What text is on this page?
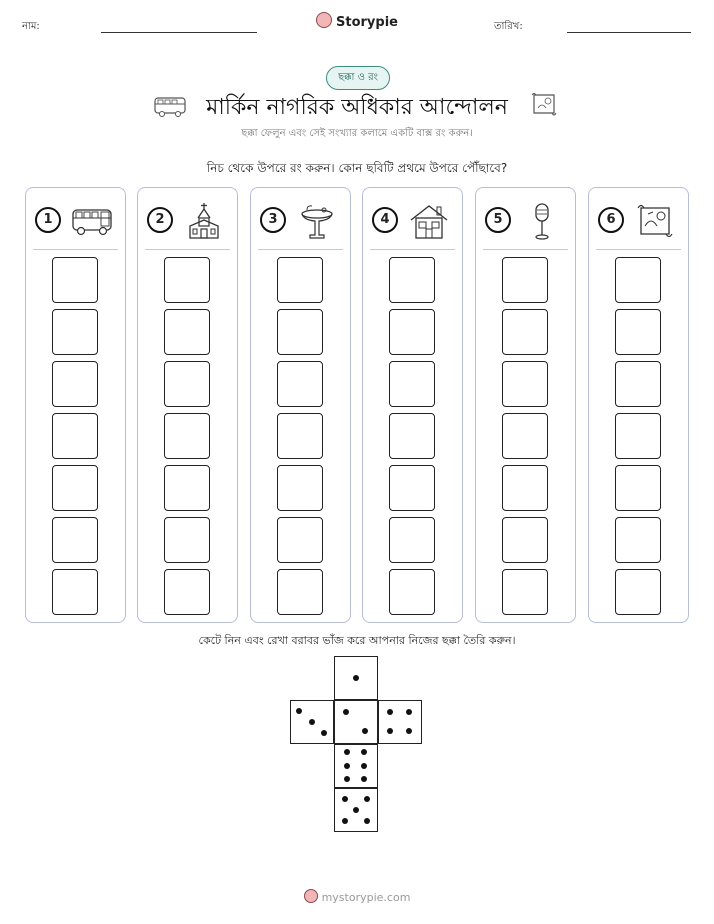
নাম:	Storypie	তারিখ:
ছক্কা ও রং
মার্কিন নাগরিক অধিকার আন্দোলন
ছক্কা ফেলুন এবং সেই সংখ্যার কলামে একটি বাক্স রং করুন।
নিচ থেকে উপরে রং করুন। কোন ছবিটি প্রথমে উপরে পৌঁছাবে?
1	2	3	4	5	6
কেটে নিন এবং রেখা বরাবর ভাঁজ করে আপনার নিজের ছক্কা তৈরি করুন।
mystorypie.com
